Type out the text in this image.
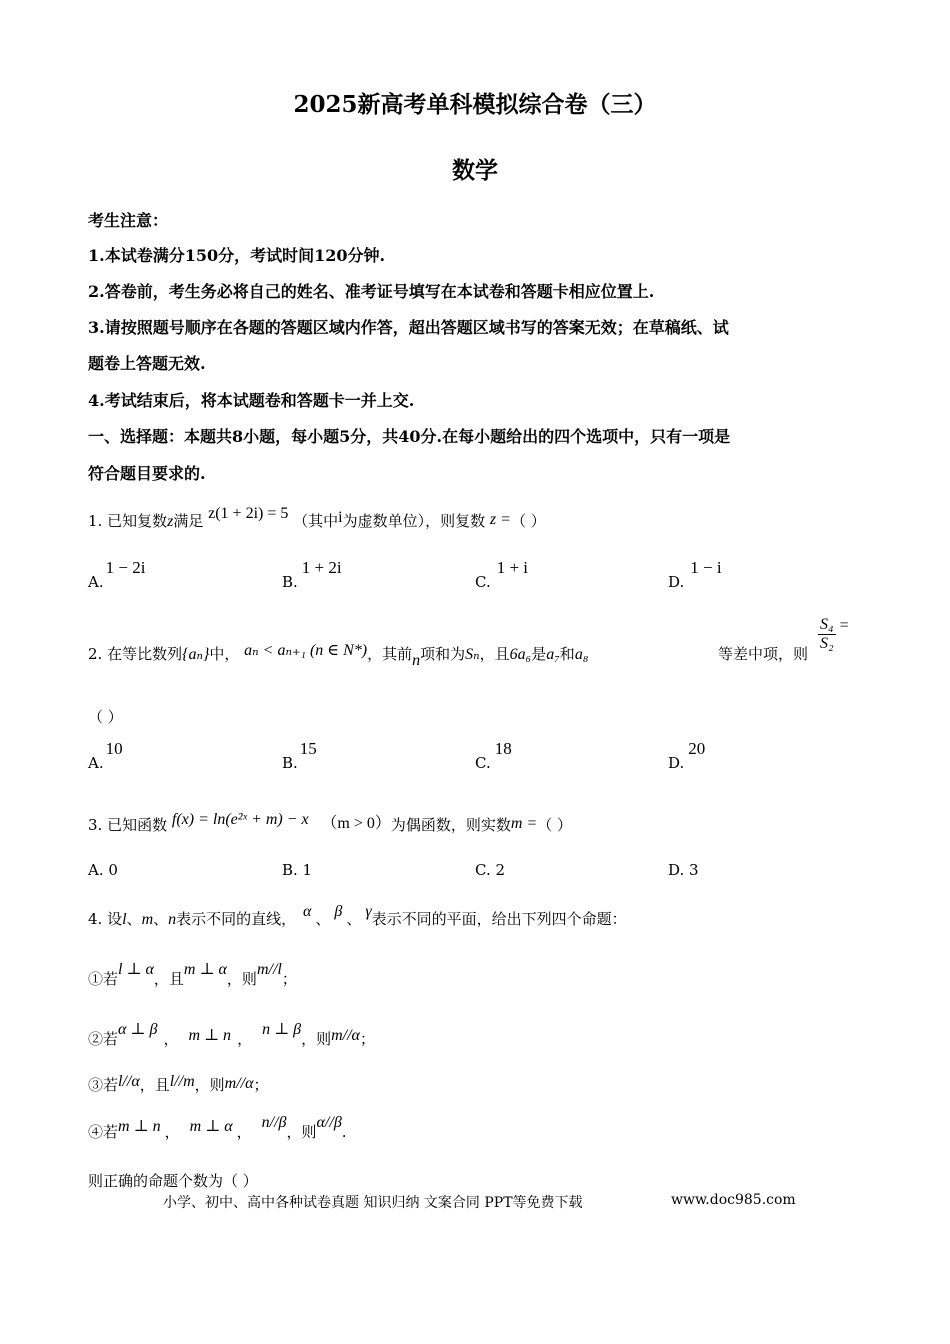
2025新高考单科模拟综合卷（三）
数学
考生注意：
1.本试卷满分150分，考试时间120分钟.
2.答卷前，考生务必将自己的姓名、准考证号填写在本试卷和答题卡相应位置上.
3.请按照题号顺序在各题的答题区域内作答，超出答题区域书写的答案无效；在草稿纸、试
题卷上答题无效.
4.考试结束后，将本试题卷和答题卡一并上交.
一、选择题：本题共8小题，每小题5分，共40分.在每小题给出的四个选项中，只有一项是
符合题目要求的.
1. 已知复数z满足 z(1 + 2i) = 5 （其中i为虚数单位），则复数 z =（ ）
A.1 − 2i
B.1 + 2i
C.1 + i
D.1 − i
2. 在等比数列{aₙ}中， aₙ < aₙ₊₁ (n ∈ N*)，其前n项和为Sₙ，且6a₆是a₇和a₈	等差中项，则
$\frac{\text{S₄}}{\text{S₂}}$ =
（ ）
A.10
B.15
C.18
D.20
3. 已知函数 f(x) = ln(e²ˣ + m) − x （m > 0）为偶函数，则实数m =（ ）
A. 0	B. 1	C. 2	D. 3
4. 设l、m、n表示不同的直线， α 、 β 、 γ表示不同的平面，给出下列四个命题：
①若l ⊥ α，且m ⊥ α，则m//l；
②若α ⊥ β， m ⊥ n ，n ⊥ β，则m//α；
③若l//α，且l//m，则m//α；
④若m ⊥ n ， m ⊥ α ，n//β，则α//β.
则正确的命题个数为（ ）
小学、初中、高中各种试卷真题 知识归纳 文案合同 PPT等免费下载	www.doc985.com
